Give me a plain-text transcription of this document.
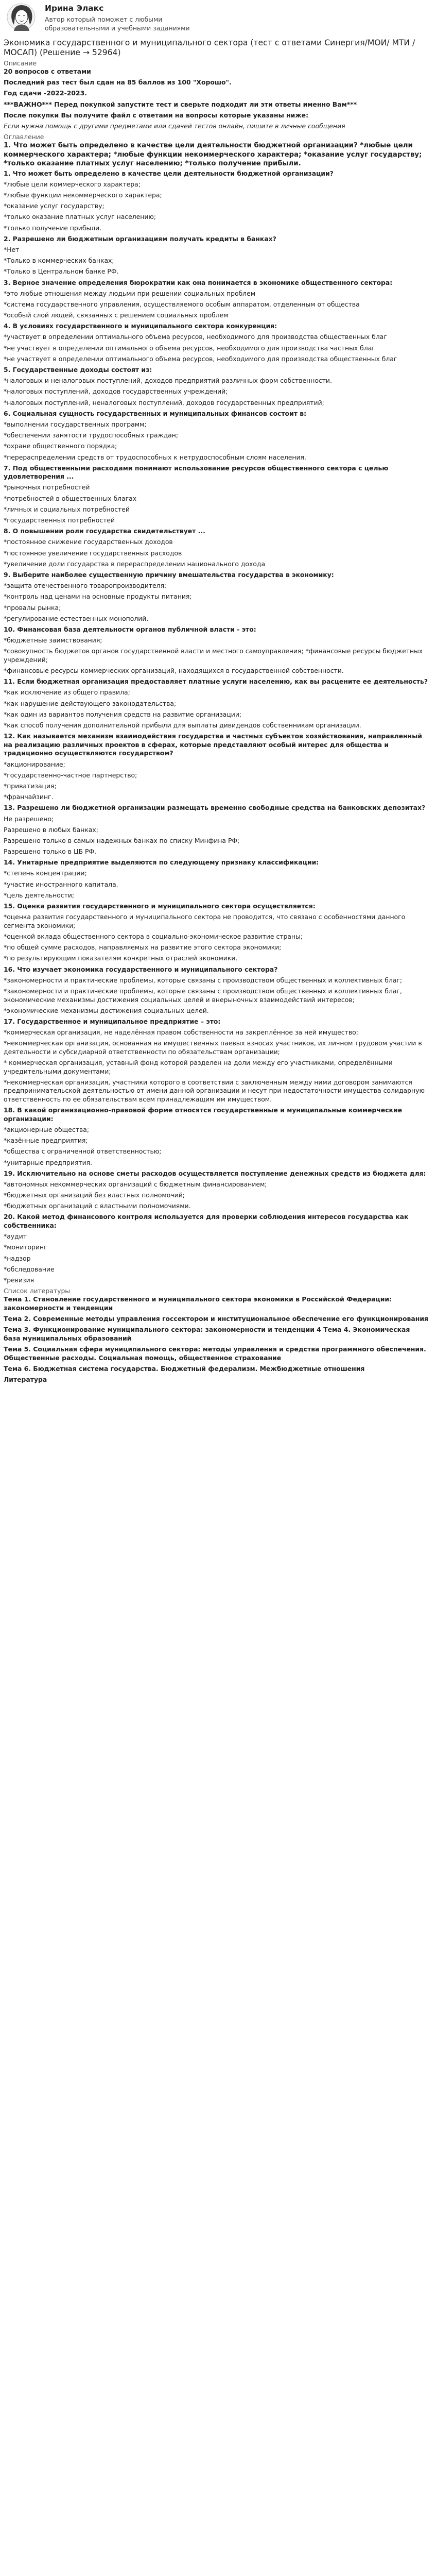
Ирина Элакс
Автор который поможет с любыми образовательными и учебными заданиями
Экономика государственного и муниципального сектора (тест с ответами Синергия/МОИ/ МТИ /МОСАП) (Решение → 52964)
Описание
20 вопросов с ответами
Последний раз тест был сдан на 85 баллов из 100 "Хорошо".
Год сдачи -2022-2023.
***ВАЖНО*** Перед покупкой запустите тест и сверьте подходит ли эти ответы именно Вам***
После покупки Вы получите файл с ответами на вопросы которые указаны ниже:
Если нужна помощь с другими предметами или сдачей тестов онлайн, пишите в личные сообщения
Оглавление
1. Что может быть определено в качестве цели деятельности бюджетной организации? *любые цели коммерческого характера; *любые функции некоммерческого характера; *оказание услуг государству; *только оказание платных услуг населению; *только получение прибыли.
1. Что может быть определено в качестве цели деятельности бюджетной организации?
*любые цели коммерческого характера;
*любые функции некоммерческого характера;
*оказание услуг государству;
*только оказание платных услуг населению;
*только получение прибыли.
2. Разрешено ли бюджетным организациям получать кредиты в банках?
*Нет
*Только в коммерческих банках;
*Только в Центральном банке РФ.
3. Верное значение определения бюрократии как она понимается в экономике общественного сектора:
*это любые отношения между людьми при решении социальных проблем
*система государственного управления, осуществляемого особым аппаратом, отделенным от общества
*особый слой людей, связанных с решением социальных проблем
4. В условиях государственного и муниципального сектора конкуренция:
*участвует в определении оптимального объема ресурсов, необходимого для производства общественных благ
*не участвует в определении оптимального объема ресурсов, необходимого для производства частных благ
*не участвует в определении оптимального объема ресурсов, необходимого для производства общественных благ
5. Государственные доходы состоят из:
*налоговых и неналоговых поступлений, доходов предприятий различных форм собственности.
*налоговых поступлений, доходов государственных учреждений;
*налоговых поступлений, неналоговых поступлений, доходов государственных предприятий;
6. Социальная сущность государственных и муниципальных финансов состоит в:
*выполнении государственных программ;
*обеспечении занятости трудоспособных граждан;
*охране общественного порядка;
*перераспределении средств от трудоспособных к нетрудоспособным слоям населения.
7. Под общественными расходами понимают использование ресурсов общественного сектора с целью удовлетворения ...
*рыночных потребностей
*потребностей в общественных благах
*личных и социальных потребностей
*государственных потребностей
8. О повышении роли государства свидетельствует ...
*постоянное снижение государственных доходов
*постоянное увеличение государственных расходов
*увеличение доли государства в перераспределении национального дохода
9. Выберите наиболее существенную причину вмешательства государства в экономику:
*защита отечественного товаропроизводителя;
*контроль над ценами на основные продукты питания;
*провалы рынка;
*регулирование естественных монополий.
10. Финансовая база деятельности органов публичной власти - это:
*бюджетные заимствования;
*совокупность бюджетов органов государственной власти и местного самоуправления; *финансовые ресурсы бюджетных учреждений;
*финансовые ресурсы коммерческих организаций, находящихся в государственной собственности.
11. Если бюджетная организация предоставляет платные услуги населению, как вы расцените ее деятельность?
*как исключение из общего правила;
*как нарушение действующего законодательства;
*как один из вариантов получения средств на развитие организации;
*как способ получения дополнительной прибыли для выплаты дивидендов собственникам организации.
12. Как называется механизм взаимодействия государства и частных субъектов хозяйствования, направленный на реализацию различных проектов в сферах, которые представляют особый интерес для общества и традиционно осуществляются государством?
*акционирование;
*государственно-частное партнерство;
*приватизация;
*франчайзинг.
13. Разрешено ли бюджетной организации размещать временно свободные средства на банковских депозитах?
Не разрешено;
Разрешено в любых банках;
Разрешено только в самых надежных банках по списку Минфина РФ;
Разрешено только в ЦБ РФ.
14. Унитарные предприятие выделяются по следующему признаку классификации:
*степень концентрации;
*участие иностранного капитала.
*цель деятельности;
15. Оценка развития государственного и муниципального сектора осуществляется:
*оценка развития государственного и муниципального сектора не проводится, что связано с особенностями данного сегмента экономики;
*оценкой вклада общественного сектора в социально-экономическое развитие страны;
*по общей сумме расходов, направляемых на развитие этого сектора экономики;
*по результирующим показателям конкретных отраслей экономики.
16. Что изучает экономика государственного и муниципального сектора?
*закономерности и практические проблемы, которые связаны с производством общественных и коллективных благ;
*закономерности и практические проблемы, которые связаны с производством общественных и коллективных благ, экономические механизмы достижения социальных целей и внерыночных взаимодействий интересов;
*экономические механизмы достижения социальных целей.
17. Государственное и муниципальное предприятие – это:
*коммерческая организация, не наделённая правом собственности на закреплённое за ней имущество;
*некоммерческая организация, основанная на имущественных паевых взносах участников, их личном трудовом участии в деятельности и субсидиарной ответственности по обязательствам организации;
* коммерческая организация, уставный фонд которой разделен на доли между его участниками, определёнными учредительными документами;
*некоммерческая организация, участники которого в соответствии с заключенным между ними договором занимаются предпринимательской деятельностью от имени данной организации и несут при недостаточности имущества солидарную ответственность по ее обязательствам всем принадлежащим им имуществом.
18. В какой организационно-правовой форме относятся государственные и муниципальные коммерческие организации:
*акционерные общества;
*казённые предприятия;
*общества с ограниченной ответственностью;
*унитарные предприятия.
19. Исключительно на основе сметы расходов осуществляется поступление денежных средств из бюджета для:
*автономных некоммерческих организаций с бюджетным финансированием;
*бюджетных организаций без властных полномочий;
*бюджетных организаций с властными полномочиями.
20. Какой метод финансового контроля используется для проверки соблюдения интересов государства как собственника:
*аудит
*мониторинг
*надзор
*обследование
*ревизия
Список литературы
Тема 1. Становление государственного и муниципального сектора экономики в Российской Федерации: закономерности и тенденции
Тема 2. Современные методы управления госсектором и институциональное обеспечение его функционирования
Тема 3. Функционирование муниципального сектора: закономерности и тенденции 4 Тема 4. Экономическая база муниципальных образований
Тема 5. Социальная сфера муниципального сектора: методы управления и средства программного обеспечения. Общественные расходы. Социальная помощь, общественное страхование
Тема 6. Бюджетная система государства. Бюджетный федерализм. Межбюджетные отношения
Литература
